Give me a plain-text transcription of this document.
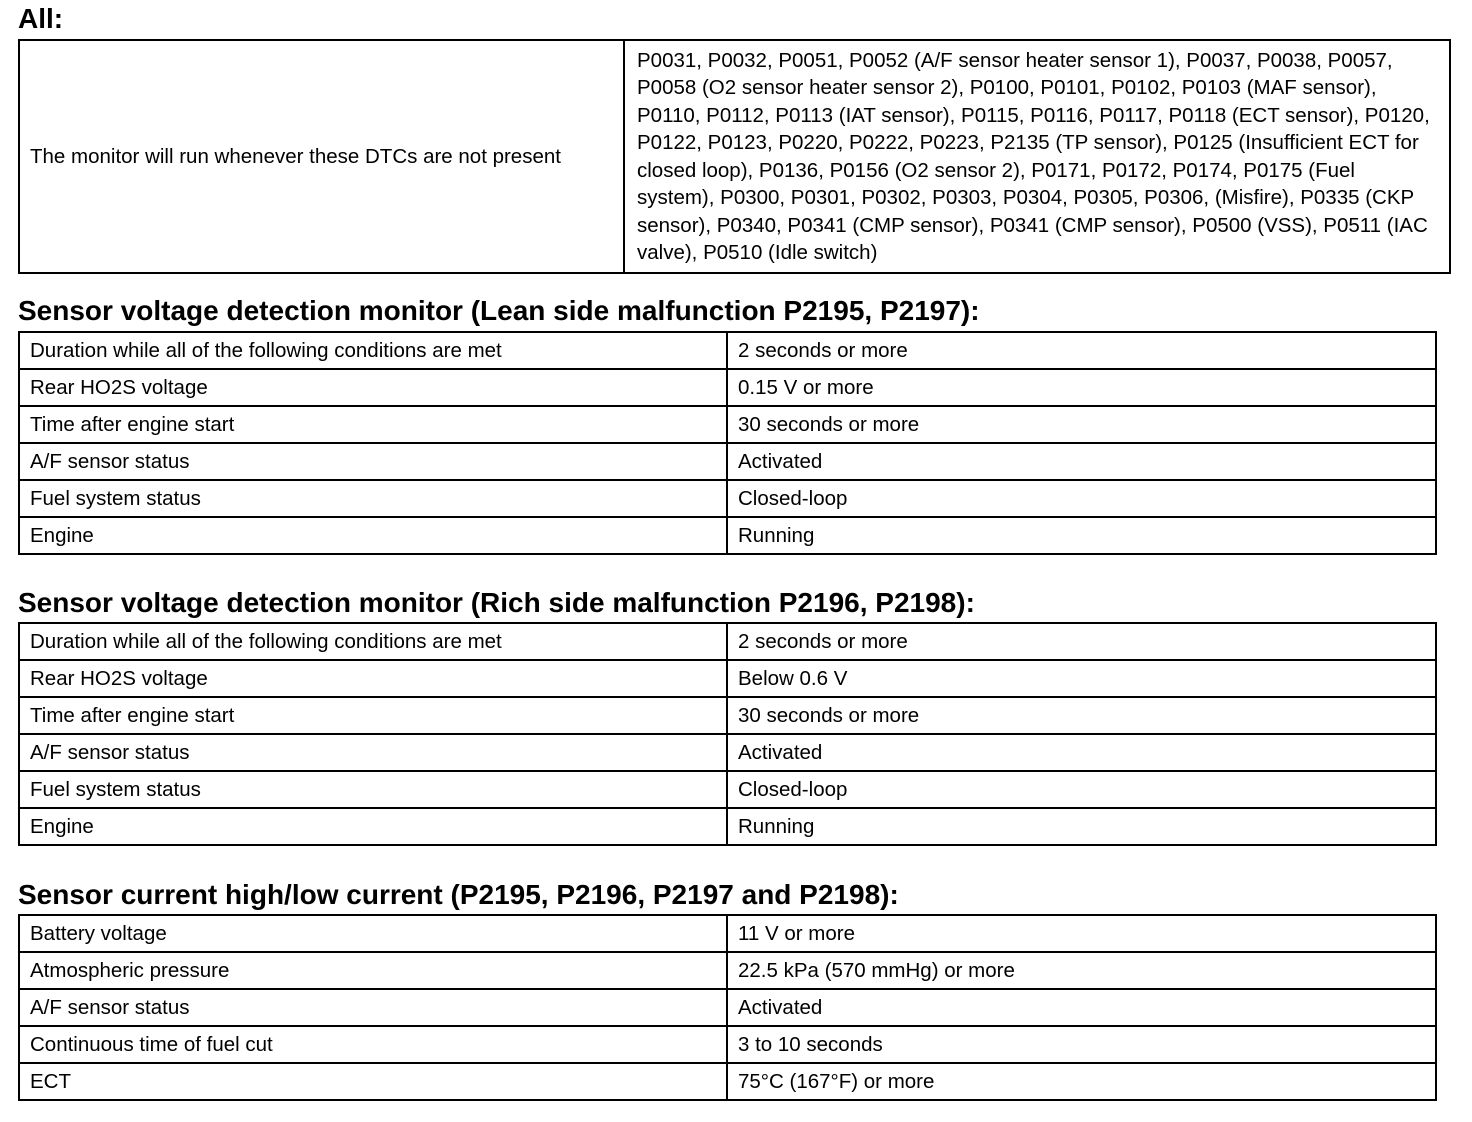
All:
The monitor will run whenever these DTCs are not present	P0031, P0032, P0051, P0052 (A/F sensor heater sensor 1), P0037, P0038, P0057, P0058 (O2 sensor heater sensor 2), P0100, P0101, P0102, P0103 (MAF sensor), P0110, P0112, P0113 (IAT sensor), P0115, P0116, P0117, P0118 (ECT sensor), P0120, P0122, P0123, P0220, P0222, P0223, P2135 (TP sensor), P0125 (Insufficient ECT for closed loop), P0136, P0156 (O2 sensor 2), P0171, P0172, P0174, P0175 (Fuel system), P0300, P0301, P0302, P0303, P0304, P0305, P0306, (Misfire), P0335 (CKP sensor), P0340, P0341 (CMP sensor), P0341 (CMP sensor), P0500 (VSS), P0511 (IAC valve), P0510 (Idle switch)
Sensor voltage detection monitor (Lean side malfunction P2195, P2197):
Duration while all of the following conditions are met	2 seconds or more
Rear HO2S voltage	0.15 V or more
Time after engine start	30 seconds or more
A/F sensor status	Activated
Fuel system status	Closed-loop
Engine	Running
Sensor voltage detection monitor (Rich side malfunction P2196, P2198):
Duration while all of the following conditions are met	2 seconds or more
Rear HO2S voltage	Below 0.6 V
Time after engine start	30 seconds or more
A/F sensor status	Activated
Fuel system status	Closed-loop
Engine	Running
Sensor current high/low current (P2195, P2196, P2197 and P2198):
Battery voltage	11 V or more
Atmospheric pressure	22.5 kPa (570 mmHg) or more
A/F sensor status	Activated
Continuous time of fuel cut	3 to 10 seconds
ECT	75°C (167°F) or more
